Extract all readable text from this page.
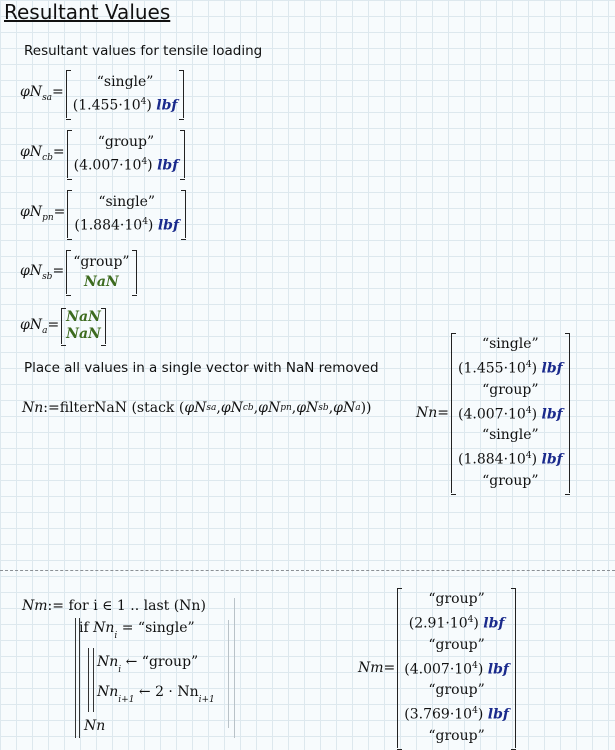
Resultant Values
Resultant values for tensile loading
$\varphi N_{sa}=$
“single”
$(1.455\cdot 10^4)$ lbf
$\varphi N_{cb}=$
“group”
$(4.007\cdot 10^4)$ lbf
$\varphi N_{pn}=$
“single”
$(1.884\cdot 10^4)$ lbf
$\varphi N_{sb}=$
“group”
NaN
$\varphi N_a=$ NaN
NaN
Place all values in a single vector with NaN removed
Nn := filterNaN ( stack ( φN sa , φN cb , φN pn , φN sb , φN a ))	Nn =
“single”
$(1.455\cdot 10^4)$ lbf
“group”
$(4.007\cdot 10^4)$ lbf
“single”
$(1.884\cdot 10^4)$ lbf
“group”
Nm:= for i ∈ 1 .. last (Nn)
if $Nn_i$ = “single”
$Nn_i$ ← “group”
$Nn_{i+1}$ ← $2 \cdot Nn_{i+1}$
Nn
Nm =
“group”
$(2.91\cdot 10^4)$ lbf
“group”
$(4.007\cdot 10^4)$ lbf
“group”
$(3.769\cdot 10^4)$ lbf
“group”
